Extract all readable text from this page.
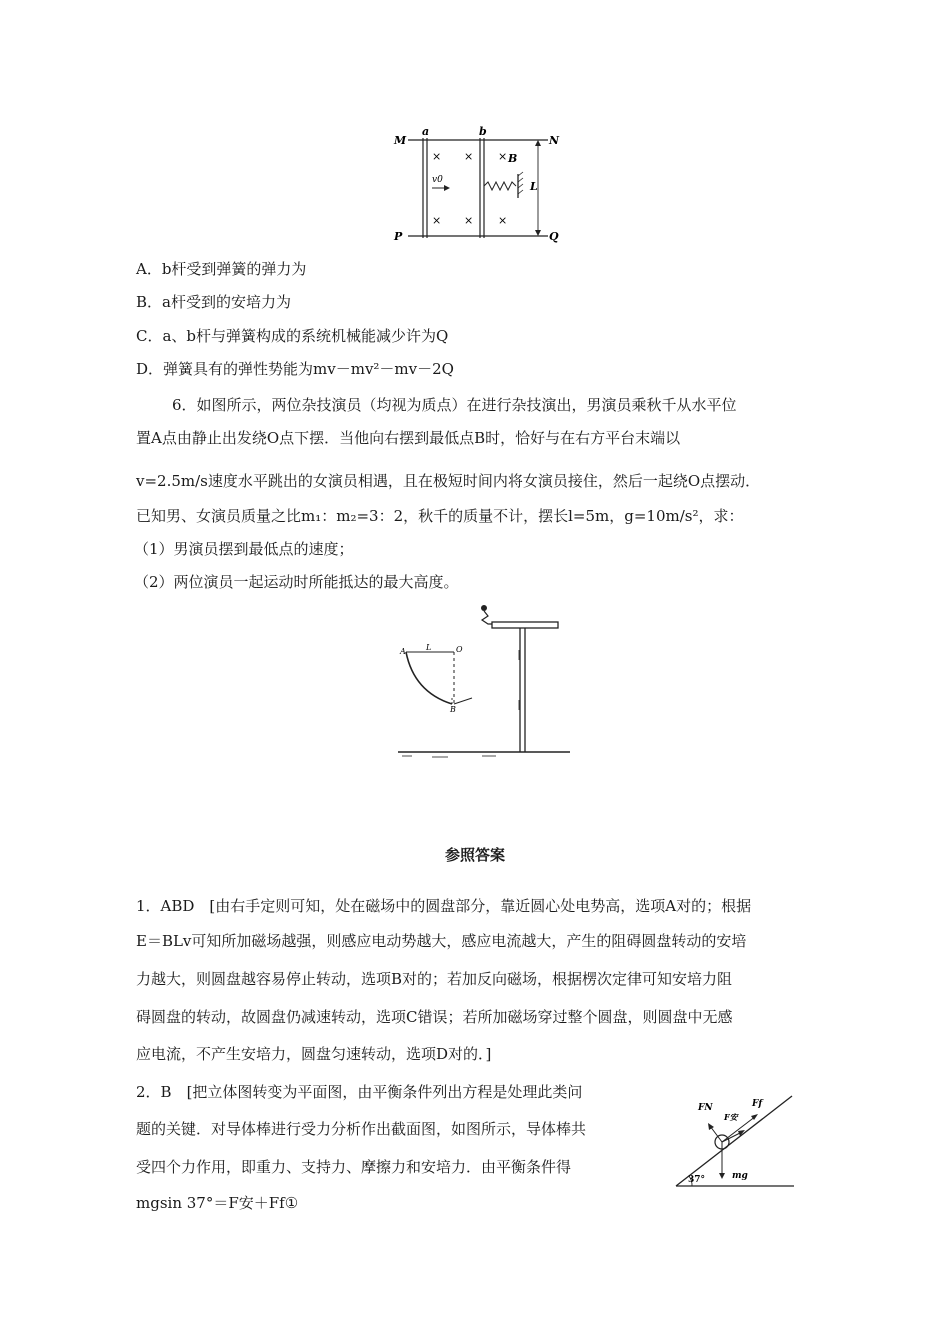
× × ×
× × ×
M
a	b
N
B
L
v0
P	Q
A．b杆受到弹簧的弹力为
B．a杆受到的安培力为
C．a、b杆与弹簧构成的系统机械能减少许为Q
D．弹簧具有的弹性势能为mv－mv²－mv－2Q
6．如图所示，两位杂技演员（均视为质点）在进行杂技演出，男演员乘秋千从水平位
置A点由静止出发绕O点下摆．当他向右摆到最低点B时，恰好与在右方平台末端以
v=2.5m/s速度水平跳出的女演员相遇，且在极短时间内将女演员接住，然后一起绕O点摆动．
已知男、女演员质量之比m₁：m₂=3：2，秋千的质量不计，摆长l=5m，g=10m/s²，求：
（1）男演员摆到最低点的速度；
（2）两位演员一起运动时所能抵达的最大高度。
A	L	O
B
参照答案
1．ABD　[由右手定则可知，处在磁场中的圆盘部分，靠近圆心处电势高，选项A对的；根据
E＝BLv可知所加磁场越强，则感应电动势越大，感应电流越大，产生的阻碍圆盘转动的安培
力越大，则圆盘越容易停止转动，选项B对的；若加反向磁场，根据楞次定律可知安培力阻
碍圆盘的转动，故圆盘仍减速转动，选项C错误；若所加磁场穿过整个圆盘，则圆盘中无感
应电流，不产生安培力，圆盘匀速转动，选项D对的．]
2．B　[把立体图转变为平面图，由平衡条件列出方程是处理此类问
题的关键．对导体棒进行受力分析作出截面图，如图所示，导体棒共
受四个力作用，即重力、支持力、摩擦力和安培力．由平衡条件得
mgsin 37°＝F安＋Ff①
FN
F安
Ff
37°	mg
